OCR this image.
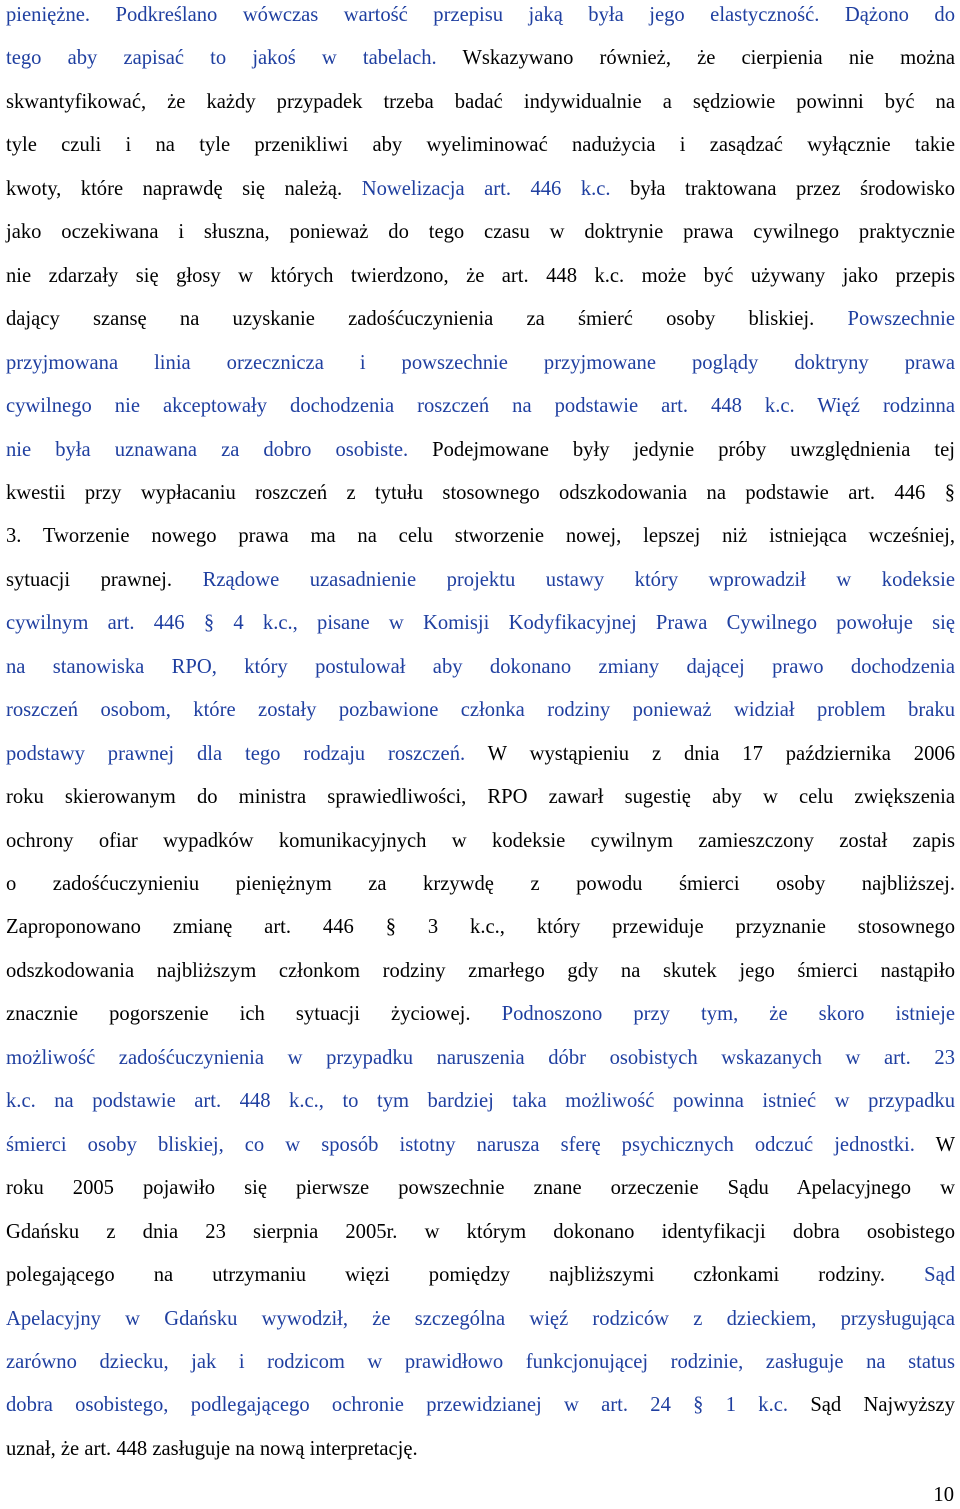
pieniężne. Podkreślano wówczas wartość przepisu jaką była jego elastyczność. Dążono do
tego aby zapisać to jakoś w tabelach. Wskazywano również, że cierpienia nie można
skwantyfikować, że każdy przypadek trzeba badać indywidualnie a sędziowie powinni być na
tyle czuli i na tyle przenikliwi aby wyeliminować nadużycia i zasądzać wyłącznie takie
kwoty, które naprawdę się należą. Nowelizacja art. 446 k.c. była traktowana przez środowisko
jako oczekiwana i słuszna, ponieważ do tego czasu w doktrynie prawa cywilnego praktycznie
nie zdarzały się głosy w których twierdzono, że art. 448 k.c. może być używany jako przepis
dający szansę na uzyskanie zadośćuczynienia za śmierć osoby bliskiej. Powszechnie
przyjmowana linia orzecznicza i powszechnie przyjmowane poglądy doktryny prawa
cywilnego nie akceptowały dochodzenia roszczeń na podstawie art. 448 k.c. Więź rodzinna
nie była uznawana za dobro osobiste. Podejmowane były jedynie próby uwzględnienia tej
kwestii przy wypłacaniu roszczeń z tytułu stosownego odszkodowania na podstawie art. 446 §
3. Tworzenie nowego prawa ma na celu stworzenie nowej, lepszej niż istniejąca wcześniej,
sytuacji prawnej. Rządowe uzasadnienie projektu ustawy który wprowadził w kodeksie
cywilnym art. 446 § 4 k.c., pisane w Komisji Kodyfikacyjnej Prawa Cywilnego powołuje się
na stanowiska RPO, który postulował aby dokonano zmiany dającej prawo dochodzenia
roszczeń osobom, które zostały pozbawione członka rodziny ponieważ widział problem braku
podstawy prawnej dla tego rodzaju roszczeń. W wystąpieniu z dnia 17 października 2006
roku skierowanym do ministra sprawiedliwości, RPO zawarł sugestię aby w celu zwiększenia
ochrony ofiar wypadków komunikacyjnych w kodeksie cywilnym zamieszczony został zapis
o zadośćuczynieniu pieniężnym za krzywdę z powodu śmierci osoby najbliższej.
Zaproponowano zmianę art. 446 § 3 k.c., który przewiduje przyznanie stosownego
odszkodowania najbliższym członkom rodziny zmarłego gdy na skutek jego śmierci nastąpiło
znacznie pogorszenie ich sytuacji życiowej. Podnoszono przy tym, że skoro istnieje
możliwość zadośćuczynienia w przypadku naruszenia dóbr osobistych wskazanych w art. 23
k.c. na podstawie art. 448 k.c., to tym bardziej taka możliwość powinna istnieć w przypadku
śmierci osoby bliskiej, co w sposób istotny narusza sferę psychicznych odczuć jednostki. W
roku 2005 pojawiło się pierwsze powszechnie znane orzeczenie Sądu Apelacyjnego w
Gdańsku z dnia 23 sierpnia 2005r. w którym dokonano identyfikacji dobra osobistego
polegającego na utrzymaniu więzi pomiędzy najbliższymi członkami rodziny. Sąd
Apelacyjny w Gdańsku wywodził, że szczególna więź rodziców z dzieckiem, przysługująca
zarówno dziecku, jak i rodzicom w prawidłowo funkcjonującej rodzinie, zasługuje na status
dobra osobistego, podlegającego ochronie przewidzianej w art. 24 § 1 k.c. Sąd Najwyższy
uznał, że art. 448 zasługuje na nową interpretację.
10
